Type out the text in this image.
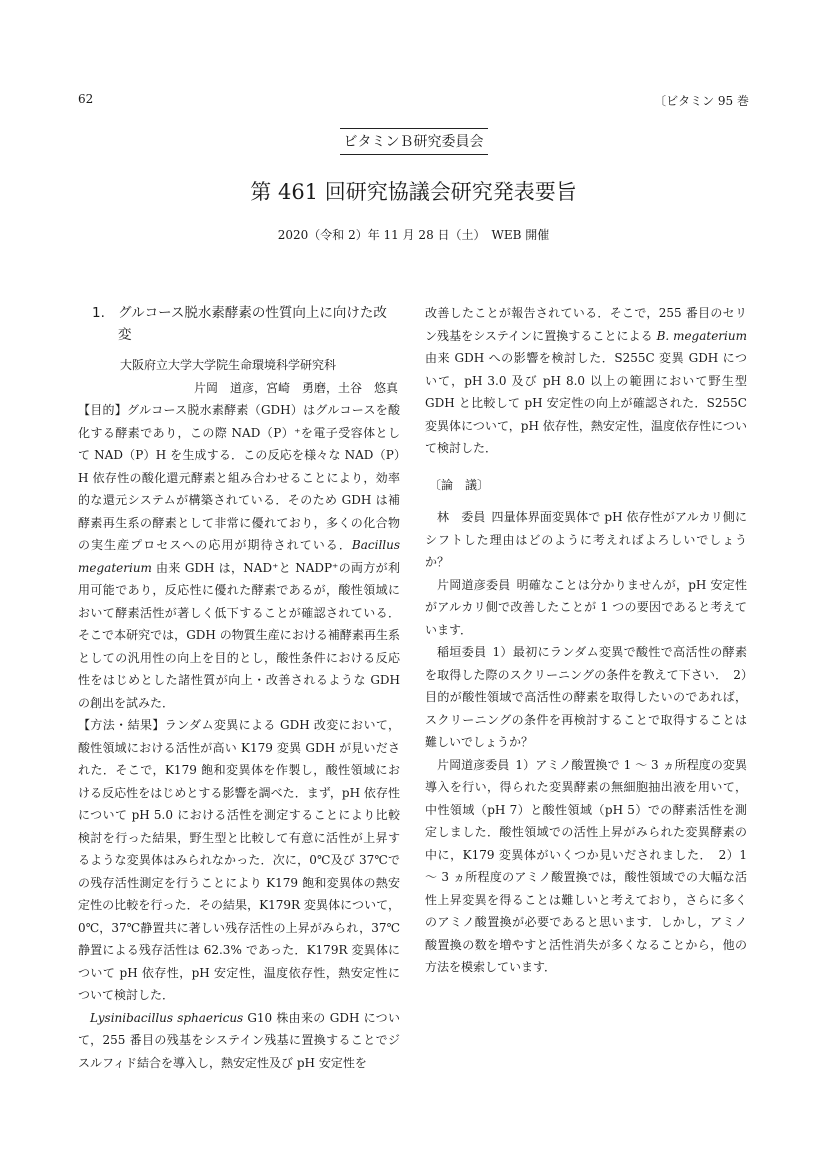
62	〔ビタミン 95 巻
ビタミンＢ研究委員会
第 461 回研究協議会研究発表要旨
2020（令和 2）年 11 月 28 日（土）　WEB 開催
1. グルコース脱水素酵素の性質向上に向けた改変

大阪府立大学大学院生命環境科学研究科

片岡　道彦，宮崎　勇磨，土谷　悠真

【目的】グルコース脱水素酵素（GDH）はグルコースを酸化する酵素であり，この際 NAD（P）⁺を電子受容体として NAD（P）H を生成する．この反応を様々な NAD（P）H 依存性の酸化還元酵素と組み合わせることにより，効率的な還元システムが構築されている．そのため GDH は補酵素再生系の酵素として非常に優れており，多くの化合物の実生産プロセスへの応用が期待されている．Bacillus megaterium 由来 GDH は，NAD⁺と NADP⁺の両方が利用可能であり，反応性に優れた酵素であるが，酸性領域において酵素活性が著しく低下することが確認されている．そこで本研究では，GDH の物質生産における補酵素再生系としての汎用性の向上を目的とし，酸性条件における反応性をはじめとした諸性質が向上・改善されるような GDH の創出を試みた．

【方法・結果】ランダム変異による GDH 改変において，酸性領域における活性が高い K179 変異 GDH が見いだされた．そこで，K179 飽和変異体を作製し，酸性領域における反応性をはじめとする影響を調べた．まず，pH 依存性について pH 5.0 における活性を測定することにより比較検討を行った結果，野生型と比較して有意に活性が上昇するような変異体はみられなかった．次に，0℃及び 37℃での残存活性測定を行うことにより K179 飽和変異体の熱安定性の比較を行った．その結果，K179R 変異体について，0℃，37℃静置共に著しい残存活性の上昇がみられ，37℃静置による残存活性は 62.3% であった．K179R 変異体について pH 依存性，pH 安定性，温度依存性，熱安定性について検討した．

Lysinibacillus sphaericus G10 株由来の GDH について，255 番目の残基をシステイン残基に置換することでジスルフィド結合を導入し，熱安定性及び pH 安定性を

改善したことが報告されている．そこで，255 番目のセリン残基をシステインに置換することによる B. megaterium 由来 GDH への影響を検討した．S255C 変異 GDH について，pH 3.0 及び pH 8.0 以上の範囲において野生型 GDH と比較して pH 安定性の向上が確認された．S255C 変異体について，pH 依存性，熱安定性，温度依存性について検討した．

〔論　議〕

林　委員 四量体界面変異体で pH 依存性がアルカリ側にシフトした理由はどのように考えればよろしいでしょうか？

片岡道彦委員 明確なことは分かりませんが，pH 安定性がアルカリ側で改善したことが 1 つの要因であると考えています．

稲垣委員 1）最初にランダム変異で酸性で高活性の酵素を取得した際のスクリーニングの条件を教えて下さい．　2）目的が酸性領域で高活性の酵素を取得したいのであれば，スクリーニングの条件を再検討することで取得することは難しいでしょうか？

片岡道彦委員 1）アミノ酸置換で 1 ～ 3 ヵ所程度の変異導入を行い，得られた変異酵素の無細胞抽出液を用いて，中性領域（pH 7）と酸性領域（pH 5）での酵素活性を測定しました．酸性領域での活性上昇がみられた変異酵素の中に，K179 変異体がいくつか見いだされました．　2）1 ～ 3 ヵ所程度のアミノ酸置換では，酸性領域での大幅な活性上昇変異を得ることは難しいと考えており，さらに多くのアミノ酸置換が必要であると思います．しかし，アミノ酸置換の数を増やすと活性消失が多くなることから，他の方法を模索しています．
